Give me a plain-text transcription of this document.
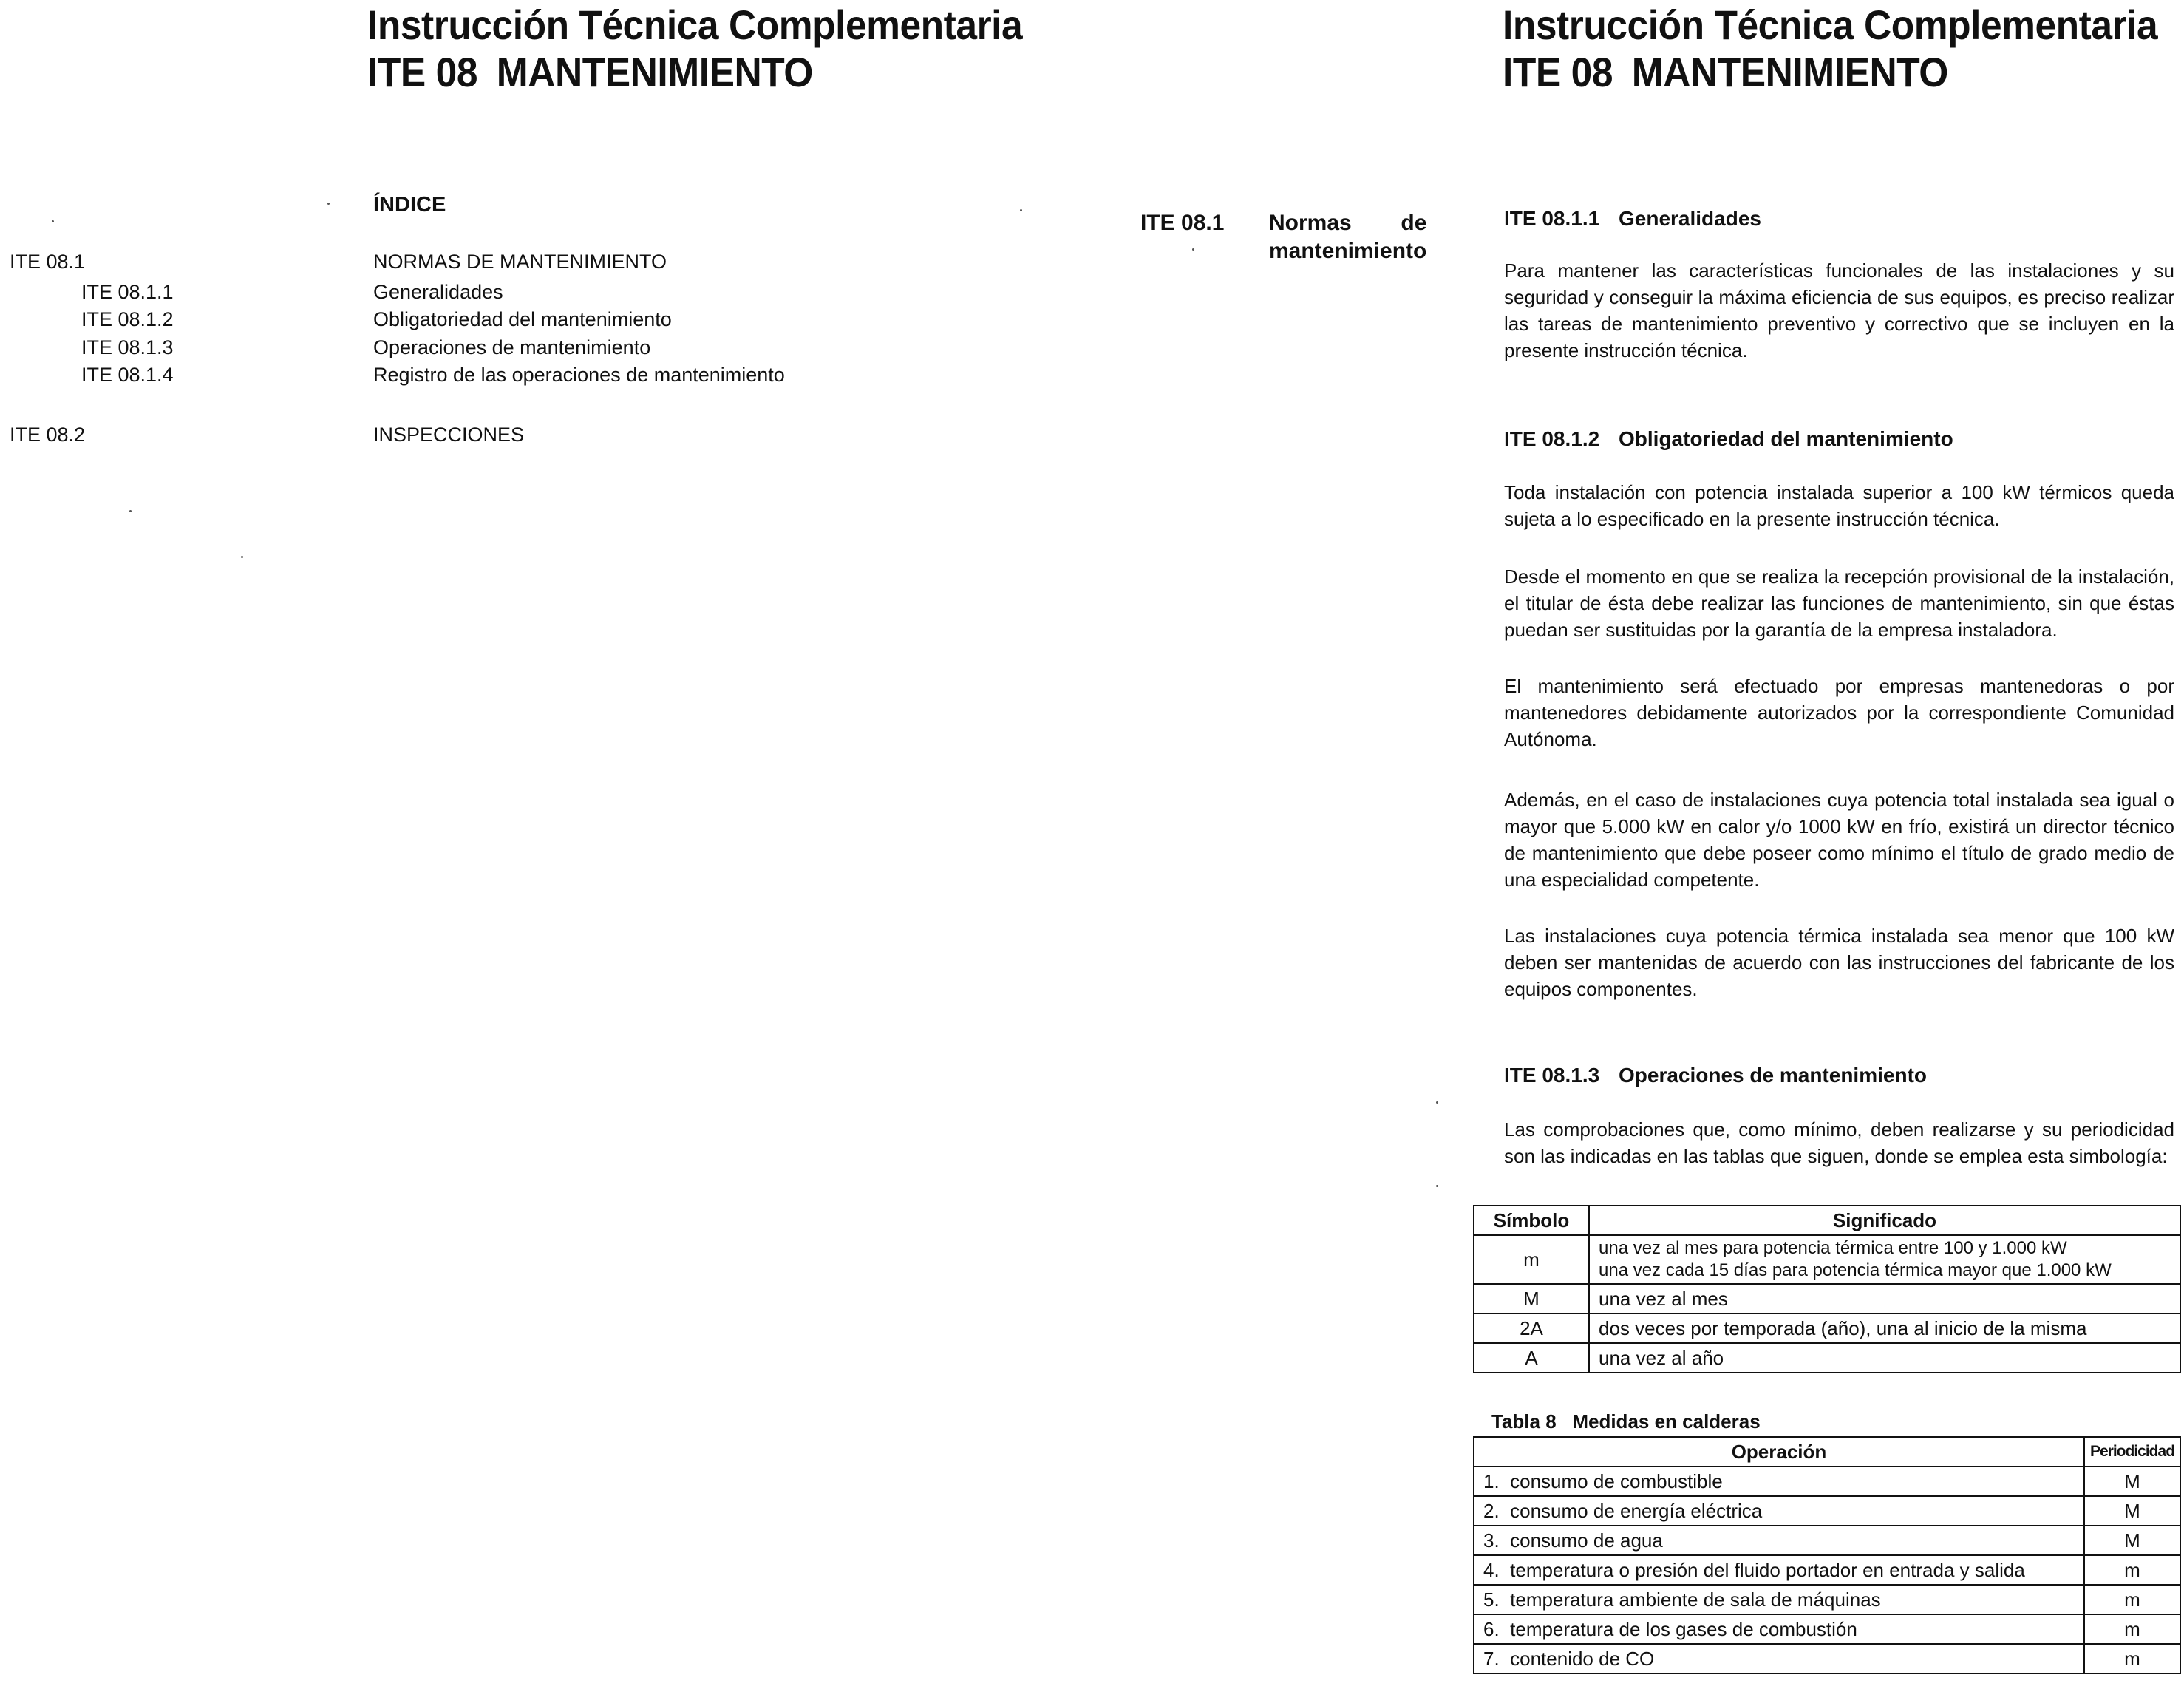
Instrucción Técnica Complementaria
ITE 08 MANTENIMIENTO
ÍNDICE
ITE 08.1	NORMAS DE MANTENIMIENTO
ITE 08.1.1	Generalidades
ITE 08.1.2	Obligatoriedad del mantenimiento
ITE 08.1.3	Operaciones de mantenimiento
ITE 08.1.4	Registro de las operaciones de mantenimiento
ITE 08.2	INSPECCIONES
Instrucción Técnica Complementaria
ITE 08 MANTENIMIENTO
ITE 08.1 Normas        de
mantenimiento
ITE 08.1.1 Generalidades

Para mantener las características funcionales de las instalaciones y su seguridad y conseguir la máxima eficiencia de sus equipos, es preciso realizar las tareas de mantenimiento preventivo y correctivo que se incluyen en la presente instrucción técnica.

ITE 08.1.2 Obligatoriedad del mantenimiento

Toda instalación con potencia instalada superior a 100 kW térmicos queda sujeta a lo especificado en la presente instrucción técnica.

Desde el momento en que se realiza la recepción provisional de la instalación, el titular de ésta debe realizar las funciones de mantenimiento, sin que éstas puedan ser sustituidas por la garantía de la empresa instaladora.

El mantenimiento será efectuado por empresas mantenedoras o por mantenedores debidamente autorizados por la correspondiente Comunidad Autónoma.

Además, en el caso de instalaciones cuya potencia total instalada sea igual o mayor que 5.000 kW en calor y/o 1000 kW en frío, existirá un director técnico de mantenimiento que debe poseer como mínimo el título de grado medio de una especialidad competente.

Las instalaciones cuya potencia térmica instalada sea menor que 100 kW deben ser mantenidas de acuerdo con las instrucciones del fabricante de los equipos componentes.

ITE 08.1.3 Operaciones de mantenimiento

Las comprobaciones que, como mínimo, deben realizarse y su periodicidad son las indicadas en las tablas que siguen, donde se emplea esta simbología:

Símbolo	Significado
m	una vez al mes para potencia térmica entre 100 y 1.000 kW
una vez cada 15 días para potencia térmica mayor que 1.000 kW

M	una vez al mes
2A	dos veces por temporada (año), una al inicio de la misma
A	una vez al año
Tabla 8   Medidas en calderas
Operación	Periodicidad
1.  consumo de combustible	M
2.  consumo de energía eléctrica	M
3.  consumo de agua	M
4.  temperatura o presión del fluido portador en entrada y salida	m
5.  temperatura ambiente de sala de máquinas	m
6.  temperatura de los gases de combustión	m
7.  contenido de CO	m
